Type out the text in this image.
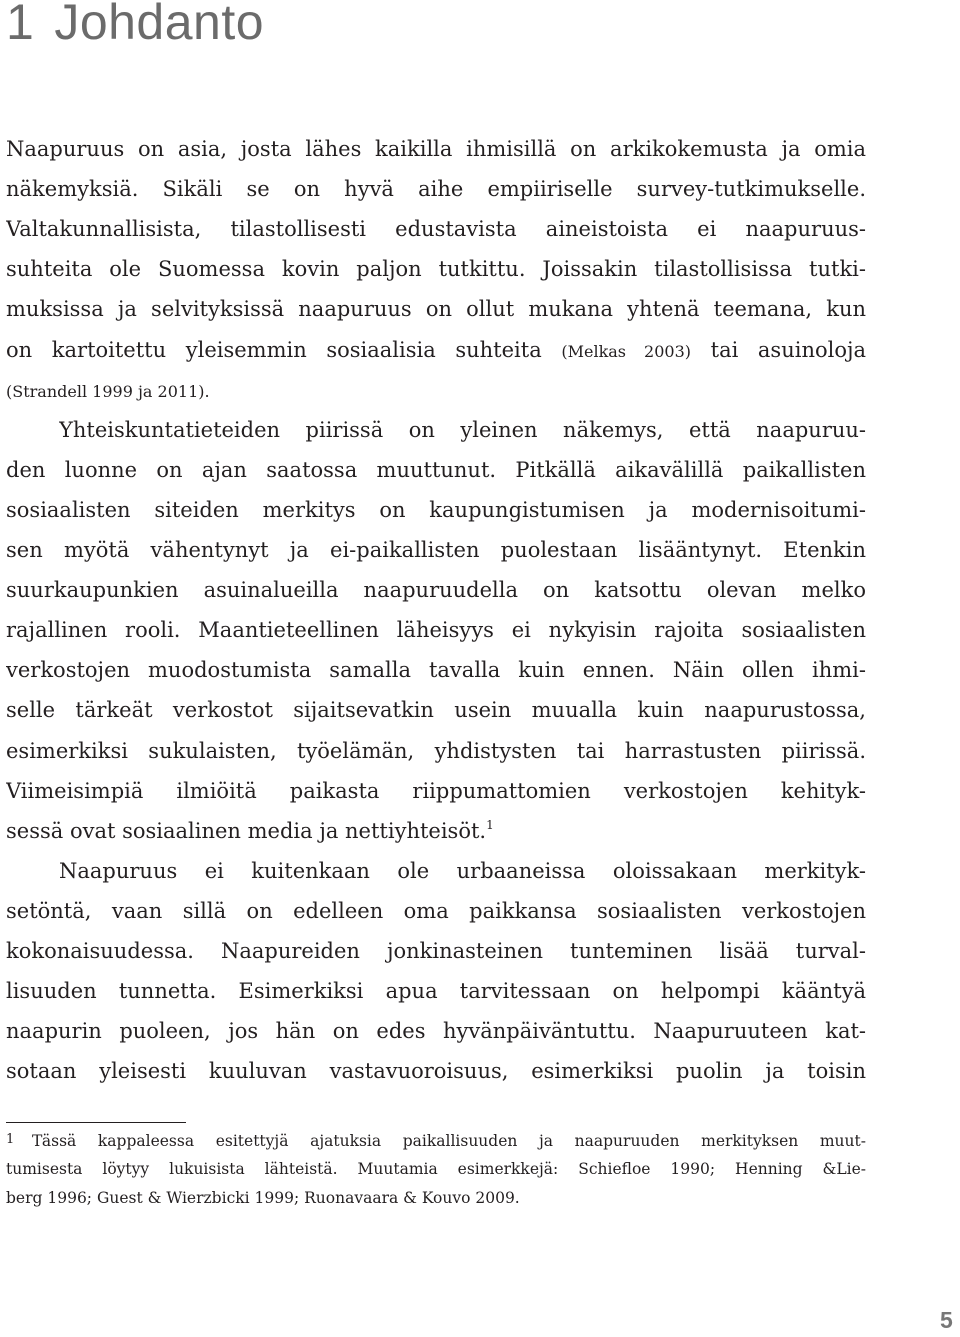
1 Johdanto
Naapuruus on asia, josta lähes kaikilla ihmisillä on arkikokemusta ja omia
näkemyksiä. Sikäli se on hyvä aihe empiiriselle survey-tutkimukselle.
Valtakunnallisista, tilastollisesti edustavista aineistoista ei naapuruus-
suhteita ole Suomessa kovin paljon tutkittu. Joissakin tilastollisissa tutki-
muksissa ja selvityksissä naapuruus on ollut mukana yhtenä teemana, kun
on kartoitettu yleisemmin sosiaalisia suhteita (Melkas 2003) tai asuinoloja
(Strandell 1999 ja 2011).
Yhteiskuntatieteiden piirissä on yleinen näkemys, että naapuruu-
den luonne on ajan saatossa muuttunut. Pitkällä aikavälillä paikallisten
sosiaalisten siteiden merkitys on kaupungistumisen ja modernisoitumi-
sen myötä vähentynyt ja ei-paikallisten puolestaan lisääntynyt. Etenkin
suurkaupunkien asuinalueilla naapuruudella on katsottu olevan melko
rajallinen rooli. Maantieteellinen läheisyys ei nykyisin rajoita sosiaalisten
verkostojen muodostumista samalla tavalla kuin ennen. Näin ollen ihmi-
selle tärkeät verkostot sijaitsevatkin usein muualla kuin naapurustossa,
esimerkiksi sukulaisten, työelämän, yhdistysten tai harrastusten piirissä.
Viimeisimpiä ilmiöitä paikasta riippumattomien verkostojen kehityk-
sessä ovat sosiaalinen media ja nettiyhteisöt.$^1$
Naapuruus ei kuitenkaan ole urbaaneissa oloissakaan merkityk-
setöntä, vaan sillä on edelleen oma paikkansa sosiaalisten verkostojen
kokonaisuudessa. Naapureiden jonkinasteinen tunteminen lisää turval-
lisuuden tunnetta. Esimerkiksi apua tarvitessaan on helpompi kääntyä
naapurin puoleen, jos hän on edes hyvänpäiväntuttu. Naapuruuteen kat-
sotaan yleisesti kuuluvan vastavuoroisuus, esimerkiksi puolin ja toisin
1 Tässä kappaleessa esitettyjä ajatuksia paikallisuuden ja naapuruuden merkityksen muut-
tumisesta löytyy lukuisista lähteistä. Muutamia esimerkkejä: Schiefloe 1990; Henning &Lie-
berg 1996; Guest & Wierzbicki 1999; Ruonavaara & Kouvo 2009.
5
